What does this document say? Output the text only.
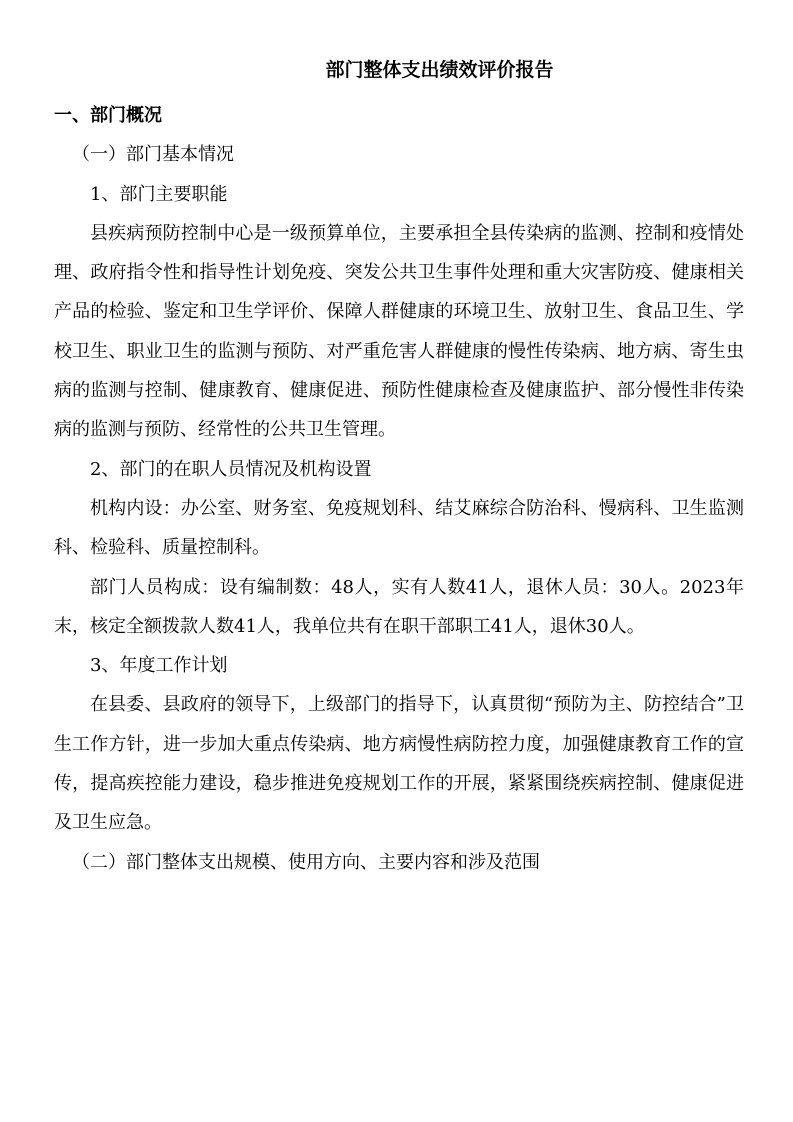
部门整体支出绩效评价报告
一、部门概况
（一）部门基本情况
1、部门主要职能
县疾病预防控制中心是一级预算单位，主要承担全县传染病的监测、控制和疫情处理、政府指令性和指导性计划免疫、突发公共卫生事件处理和重大灾害防疫、健康相关产品的检验、鉴定和卫生学评价、保障人群健康的环境卫生、放射卫生、食品卫生、学校卫生、职业卫生的监测与预防、对严重危害人群健康的慢性传染病、地方病、寄生虫病的监测与控制、健康教育、健康促进、预防性健康检查及健康监护、部分慢性非传染病的监测与预防、经常性的公共卫生管理。
2、部门的在职人员情况及机构设置
机构内设：办公室、财务室、免疫规划科、结艾麻综合防治科、慢病科、卫生监测科、检验科、质量控制科。
部门人员构成：设有编制数：48人，实有人数41人，退休人员：30人。2023年末，核定全额拨款人数41人，我单位共有在职干部职工41人，退休30人。
3、年度工作计划
在县委、县政府的领导下，上级部门的指导下，认真贯彻“预防为主、防控结合”卫生工作方针，进一步加大重点传染病、地方病慢性病防控力度，加强健康教育工作的宣传，提高疾控能力建设，稳步推进免疫规划工作的开展，紧紧围绕疾病控制、健康促进及卫生应急。
（二）部门整体支出规模、使用方向、主要内容和涉及范围
